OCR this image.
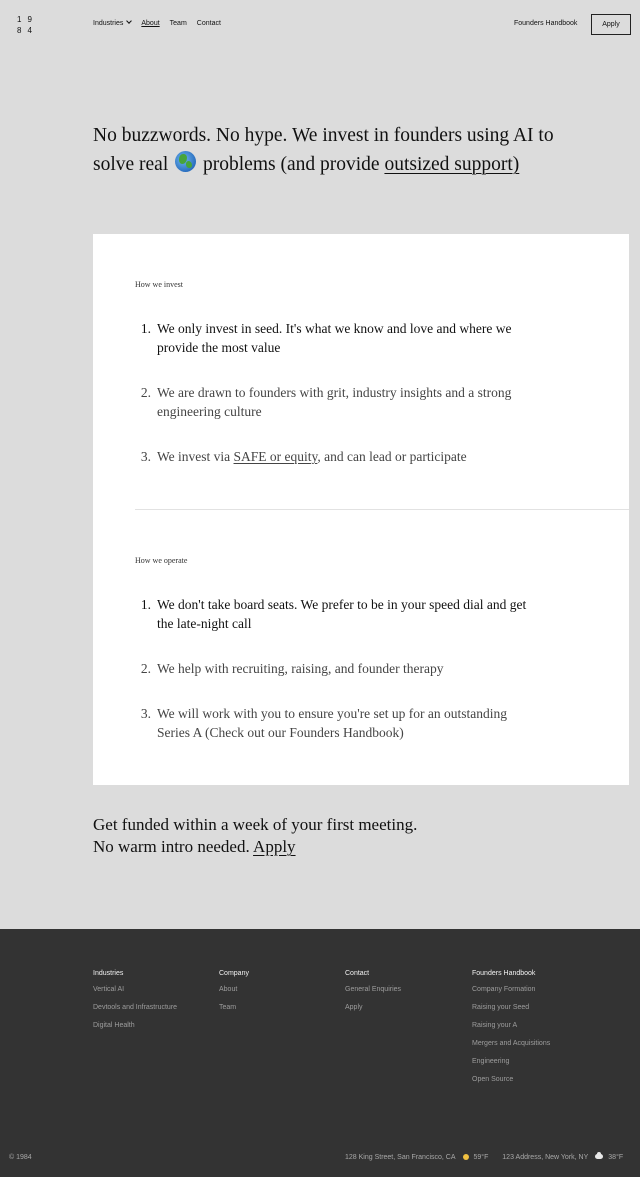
19
84
Industries	About Team Contact	Founders Handbook	Apply
No buzzwords. No hype. We invest in founders using AI to solve real problems (and provide outsized support)
How we invest
1. We only invest in seed. It's what we know and love and where we provide the most value
2. We are drawn to founders with grit, industry insights and a strong engineering culture
3. We invest via SAFE or equity, and can lead or participate
How we operate
1. We don't take board seats. We prefer to be in your speed dial and get the late-night call
2. We help with recruiting, raising, and founder therapy
3. We will work with you to ensure you're set up for an outstanding Series A (Check out our Founders Handbook)
Get funded within a week of your first meeting.
No warm intro needed. Apply
Industries
Vertical AI
Devtools and Infrastructure
Digital Health
Company
About
Team
Contact
General Enquiries
Apply
Founders Handbook
Company Formation
Raising your Seed
Raising your A
Mergers and Acquisitions
Engineering
Open Source
© 1984	128 King Street, San Francisco, CA	59°F 123 Address, New York, NY	38°F
